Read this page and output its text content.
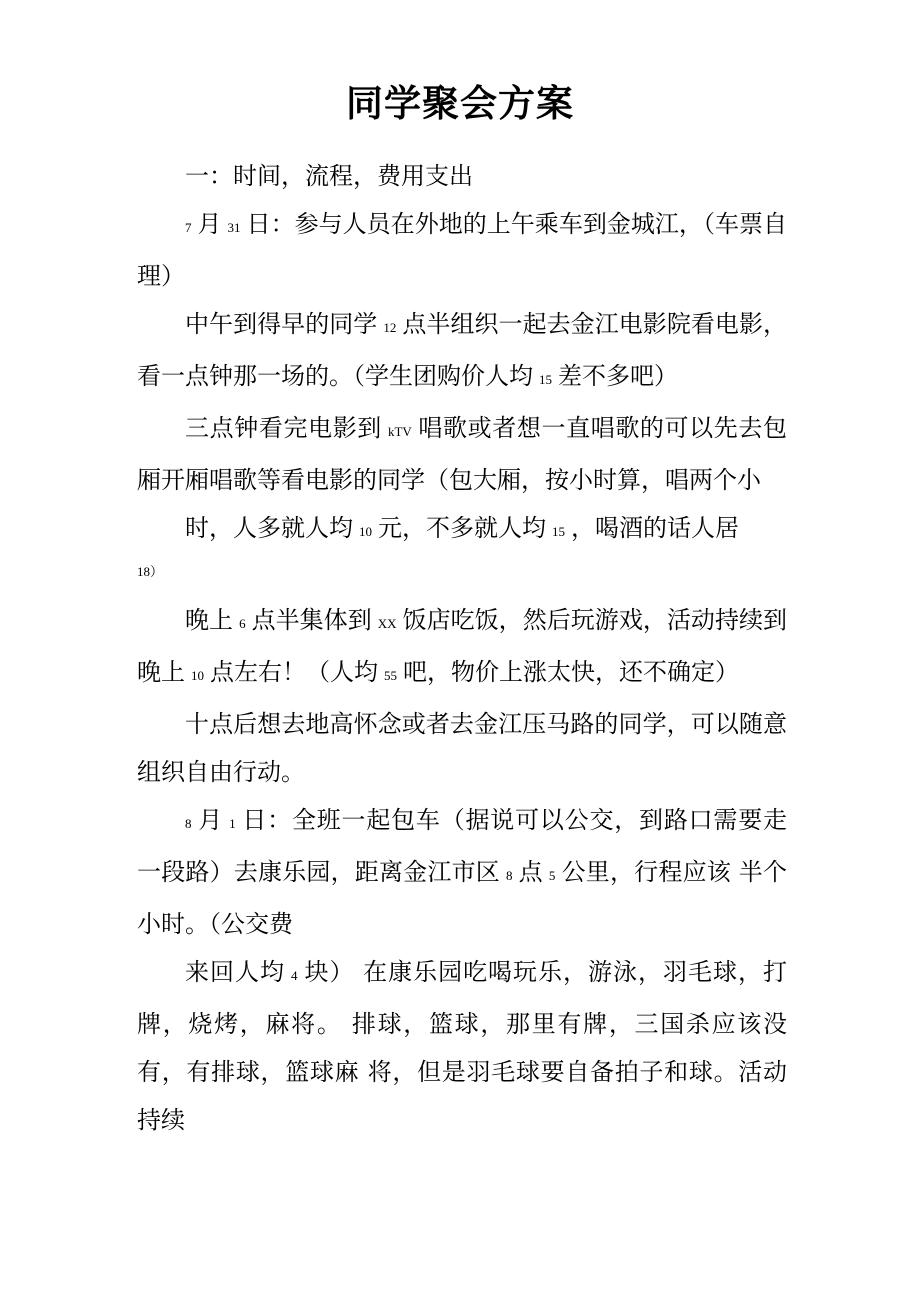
同学聚会方案

一：时间，流程，费用支出

7 月 31 日：参与人员在外地的上午乘车到金城江，（车票自理）

中午到得早的同学 12 点半组织一起去金江电影院看电影，看一点钟那一场的。（学生团购价人均 15 差不多吧）

三点钟看完电影到 kTV 唱歌或者想一直唱歌的可以先去包厢开厢唱歌等看电影的同学（包大厢，按小时算，唱两个小

时，人多就人均 10 元，不多就人均 15 ，喝酒的话人居
18）

晚上 6 点半集体到 XX 饭店吃饭，然后玩游戏，活动持续到晚上 10 点左右！（人均 55 吧，物价上涨太快，还不确定）

十点后想去地高怀念或者去金江压马路的同学，可以随意组织自由行动。

8 月 1 日：全班一起包车（据说可以公交，到路口需要走一段路）去康乐园，距离金江市区 8 点 5 公里，行程应该 半个小时。（公交费

来回人均 4 块） 在康乐园吃喝玩乐，游泳，羽毛球，打牌，烧烤，麻将。 排球，篮球，那里有牌，三国杀应该没有，有排球，篮球麻 将，但是羽毛球要自备拍子和球。活动持续
